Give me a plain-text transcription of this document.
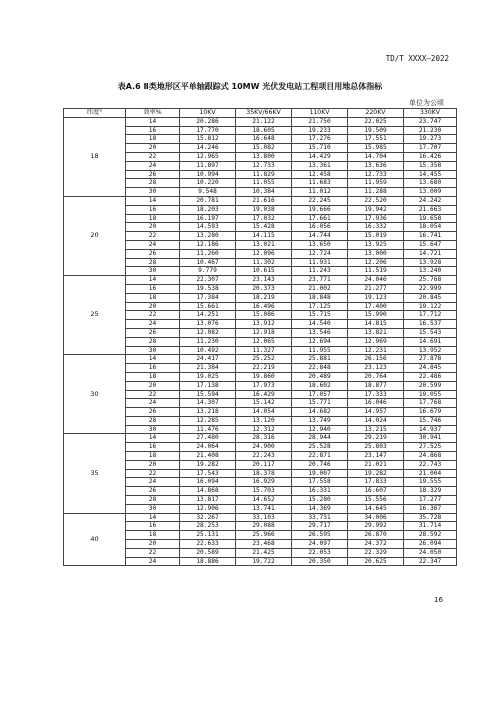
TD/T XXXX—2022
表A.6 Ⅱ类地形区平单轴跟踪式 10MW 光伏发电站工程项目用地总体指标
单位为公顷
纬度°	效率%	10KV	35KV/66KV	110KV	220KV	330KV
18	14	20.286	21.122	21.750	22.025	23.747
	16	17.770	18.605	19.233	19.509	21.230
	18	15.812	16.648	17.276	17.551	19.273
	20	14.246	15.082	15.710	15.985	17.707
	22	12.965	13.800	14.429	14.704	16.426
	24	11.897	12.733	13.361	13.636	15.358
	26	10.994	11.829	12.458	12.733	14.455
	28	10.220	11.055	11.683	11.959	13.680
	30	9.548	10.384	11.012	11.288	13.009
20	14	20.781	21.616	22.245	22.520	24.242
	16	18.203	19.038	19.666	19.942	21.663
	18	16.197	17.032	17.661	17.936	19.658
	20	14.593	15.428	16.056	16.332	18.054
	22	13.280	14.115	14.744	15.019	16.741
	24	12.186	13.021	13.650	13.925	15.647
	26	11.260	12.096	12.724	13.000	14.721
	28	10.467	11.302	11.931	12.206	13.928
	30	9.779	10.615	11.243	11.519	13.240
25	14	22.307	23.143	23.771	24.046	25.768
	16	19.538	20.373	21.002	21.277	22.999
	18	17.384	18.219	18.848	19.123	20.845
	20	15.661	16.496	17.125	17.400	19.122
	22	14.251	15.086	15.715	15.990	17.712
	24	13.076	13.912	14.540	14.815	16.537
	26	12.082	12.918	13.546	13.821	15.543
	28	11.230	12.065	12.694	12.969	14.691
	30	10.492	11.327	11.955	12.231	13.952
30	14	24.417	25.252	25.881	26.156	27.878
	16	21.384	22.219	22.848	23.123	24.845
	18	19.025	19.860	20.489	20.764	22.486
	20	17.138	17.973	18.602	18.877	20.599
	22	15.594	16.429	17.057	17.333	19.055
	24	14.307	15.142	15.771	16.046	17.768
	26	13.218	14.054	14.682	14.957	16.679
	28	12.285	13.120	13.749	14.024	15.746
	30	11.476	12.312	12.940	13.215	14.937
35	14	27.480	28.316	28.944	29.219	30.941
	16	24.064	24.900	25.528	25.803	27.525
	18	21.408	22.243	22.871	23.147	24.868
	20	19.282	20.117	20.746	21.021	22.743
	22	17.543	18.378	19.007	19.282	21.004
	24	16.094	16.929	17.558	17.833	19.555
	26	14.868	15.703	16.331	16.607	18.329
	28	13.817	14.652	15.280	15.556	17.277
	30	12.906	13.741	14.369	14.645	16.367
40	14	32.267	33.103	33.731	34.006	35.728
	16	28.253	29.088	29.717	29.992	31.714
	18	25.131	25.966	26.595	26.870	28.592
	20	22.633	23.468	24.097	24.372	26.094
	22	20.589	21.425	22.053	22.329	24.050
	24	18.886	19.722	20.350	20.625	22.347
16
